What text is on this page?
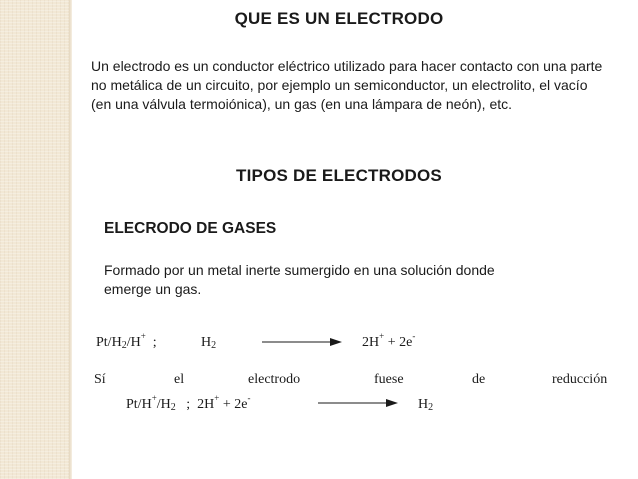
QUE ES UN ELECTRODO
Un electrodo es un conductor eléctrico utilizado para hacer contacto con una parte no metálica de un circuito, por ejemplo un semiconductor, un electrolito, el vacío (en una válvula termoiónica), un gas (en una lámpara de neón), etc.
TIPOS DE ELECTRODOS
ELECRODO DE GASES
Formado por un metal inerte sumergido en una solución donde emerge un gas.
$Pt/H_2/H^+$  ;	$H_2$	2H+ + 2e-
Sí	el	electrodo	fuese	de	reducción
$Pt/H^+/H_2$   ;  2H+ + 2e-	$H_2$
